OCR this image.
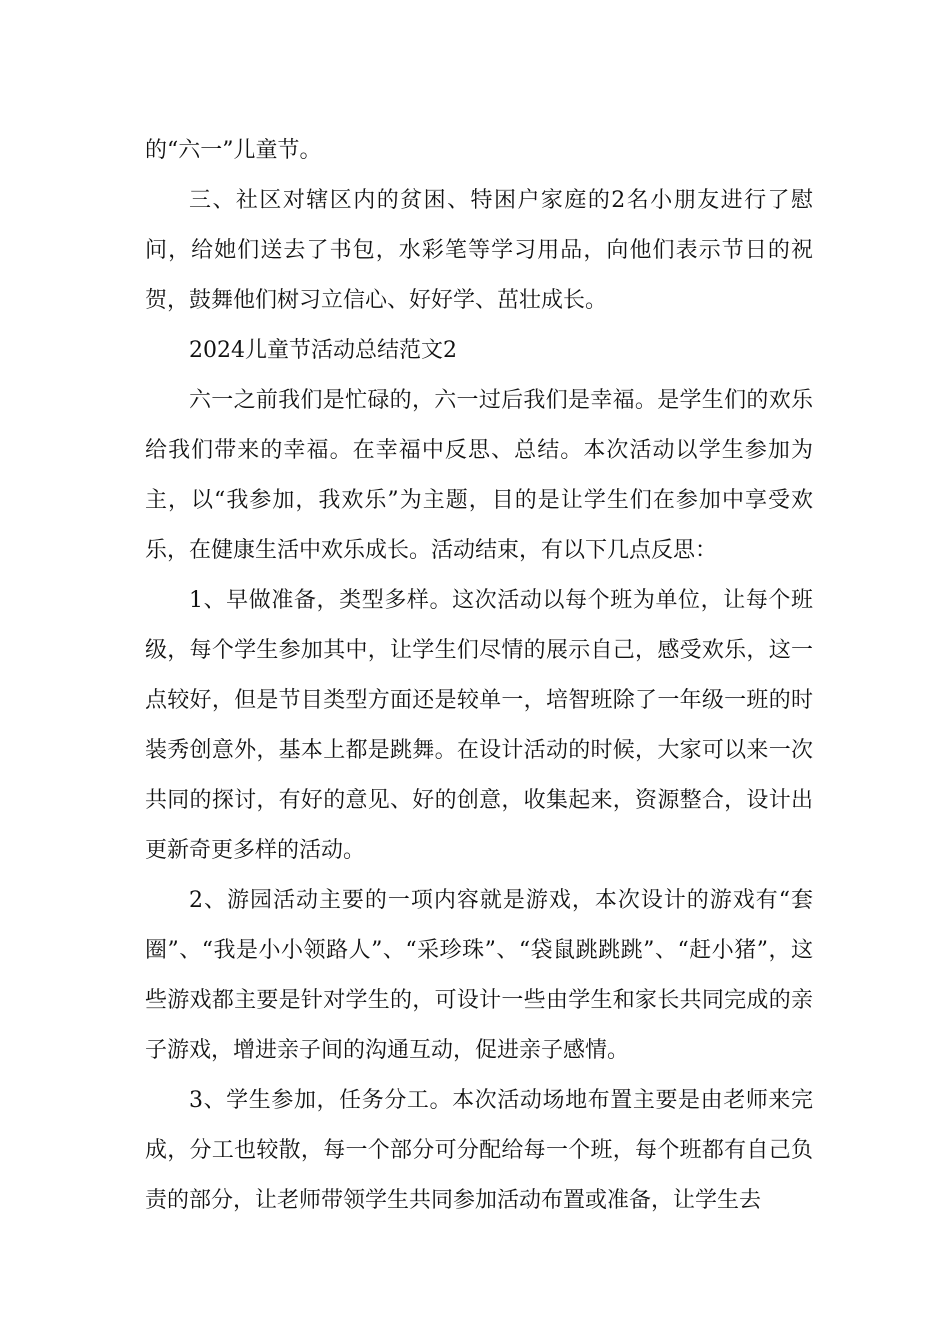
的“六一”儿童节。

三、社区对辖区内的贫困、特困户家庭的2名小朋友进行了慰问，给她们送去了书包，水彩笔等学习用品，向他们表示节日的祝贺，鼓舞他们树习立信心、好好学、茁壮成长。

2024儿童节活动总结范文2

六一之前我们是忙碌的，六一过后我们是幸福。是学生们的欢乐给我们带来的幸福。在幸福中反思、总结。本次活动以学生参加为主，以“我参加，我欢乐”为主题，目的是让学生们在参加中享受欢乐，在健康生活中欢乐成长。活动结束，有以下几点反思：

1、早做准备，类型多样。这次活动以每个班为单位，让每个班级，每个学生参加其中，让学生们尽情的展示自己，感受欢乐，这一点较好，但是节目类型方面还是较单一，培智班除了一年级一班的时装秀创意外，基本上都是跳舞。在设计活动的时候，大家可以来一次共同的探讨，有好的意见、好的创意，收集起来，资源整合，设计出更新奇更多样的活动。

2、游园活动主要的一项内容就是游戏，本次设计的游戏有“套圈”、“我是小小领路人”、“采珍珠”、“袋鼠跳跳跳”、“赶小猪”，这些游戏都主要是针对学生的，可设计一些由学生和家长共同完成的亲子游戏，增进亲子间的沟通互动，促进亲子感情。

3、学生参加，任务分工。本次活动场地布置主要是由老师来完成，分工也较散，每一个部分可分配给每一个班，每个班都有自己负责的部分，让老师带领学生共同参加活动布置或准备，让学生去
